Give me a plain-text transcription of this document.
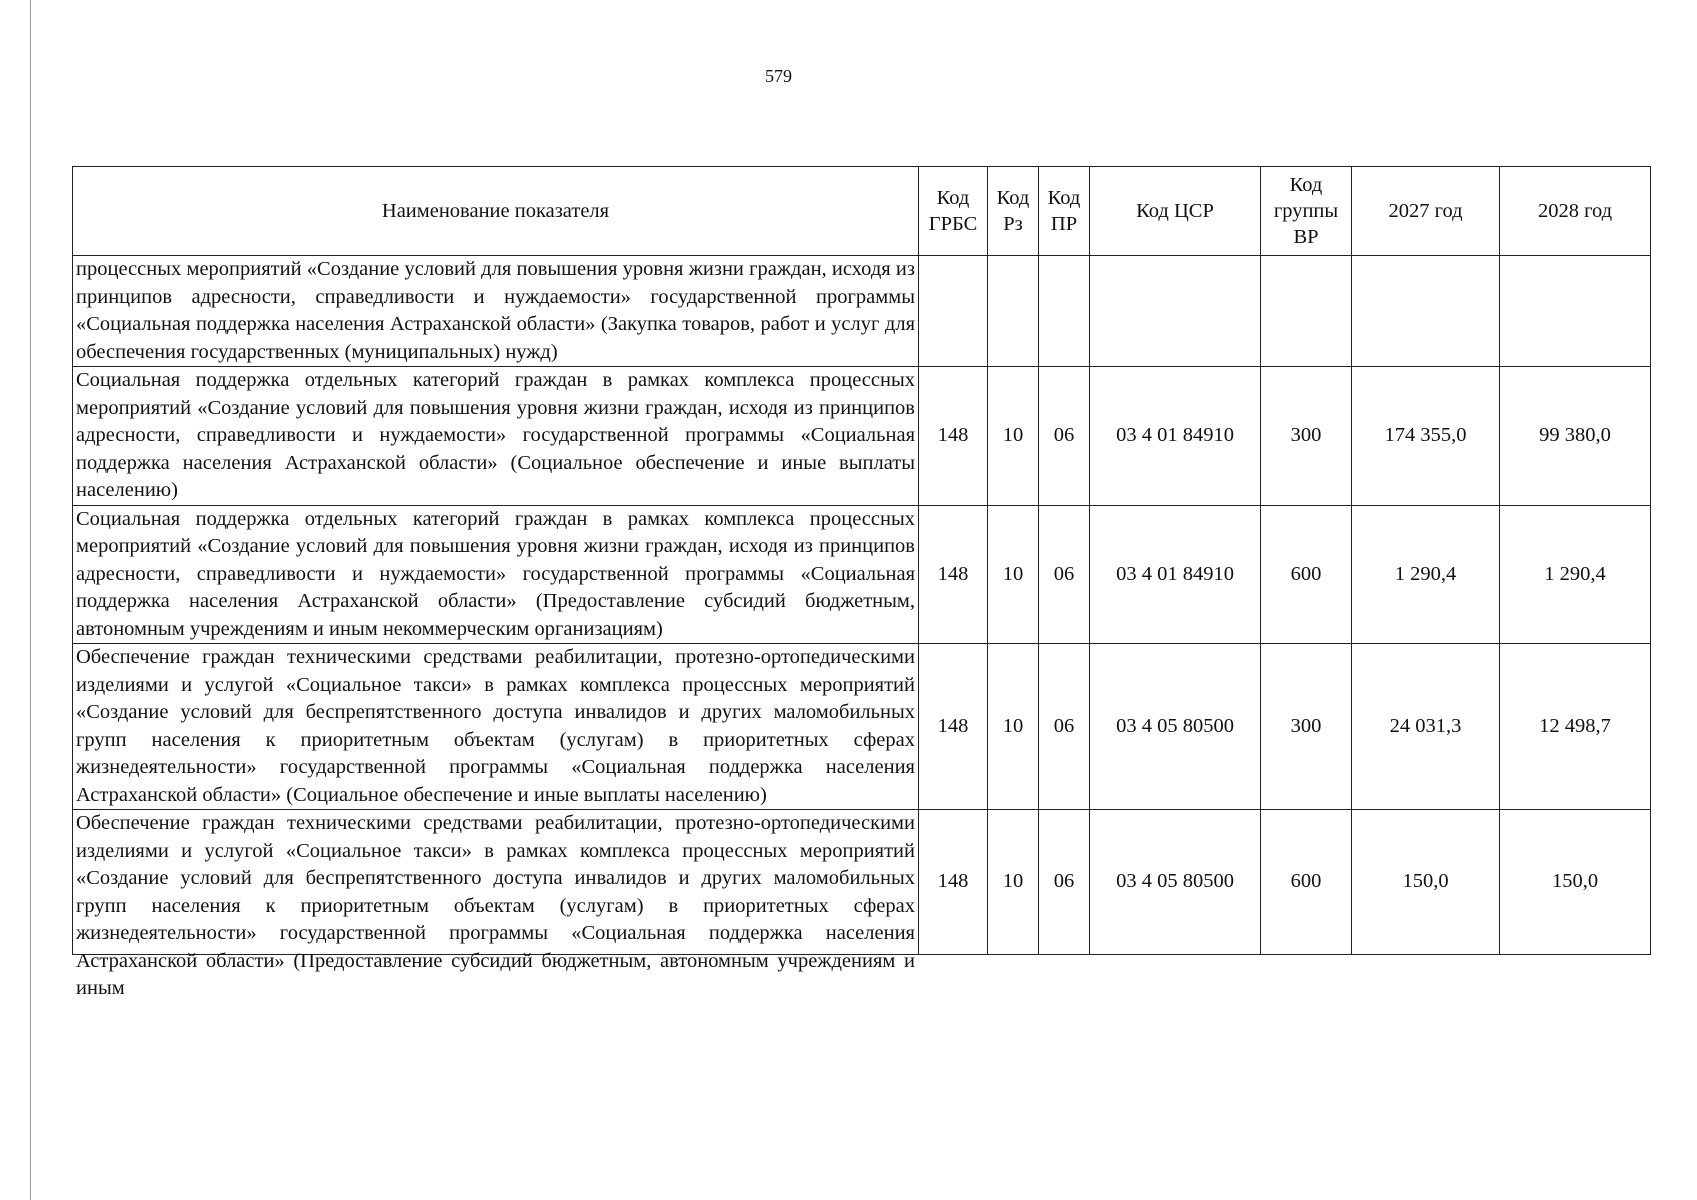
579
Наименование показателя	Код ГРБС	Код Рз	Код ПР	Код ЦСР	Код группы ВР	2027 год	2028 год
процессных мероприятий «Создание условий для повышения уровня жизни граждан, исходя из принципов адресности, справедливости и нуждаемости» государственной программы «Социальная поддержка населения Астраханской области» (Закупка товаров, работ и услуг для обеспечения государственных (муниципальных) нужд)							
Социальная поддержка отдельных категорий граждан в рамках комплекса процессных мероприятий «Создание условий для повышения уровня жизни граждан, исходя из принципов адресности, справедливости и нуждаемости» государственной программы «Социальная поддержка населения Астраханской области» (Социальное обеспечение и иные выплаты населению)	148	10	06	03 4 01 84910	300	174 355,0	99 380,0
Социальная поддержка отдельных категорий граждан в рамках комплекса процессных мероприятий «Создание условий для повышения уровня жизни граждан, исходя из принципов адресности, справедливости и нуждаемости» государственной программы «Социальная поддержка населения Астраханской области» (Предоставление субсидий бюджетным, автономным учреждениям и иным некоммерческим организациям)	148	10	06	03 4 01 84910	600	1 290,4	1 290,4
Обеспечение граждан техническими средствами реабилитации, протезно-ортопедическими изделиями и услугой «Социальное такси» в рамках комплекса процессных мероприятий «Создание условий для беспрепятственного доступа инвалидов и других маломобильных групп населения к приоритетным объектам (услугам) в приоритетных сферах жизнедеятельности» государственной программы «Социальная поддержка населения Астраханской области» (Социальное обеспечение и иные выплаты населению)	148	10	06	03 4 05 80500	300	24 031,3	12 498,7

Обеспечение граждан техническими средствами реабилитации, протезно-ортопедическими изделиями и услугой «Социальное такси» в рамках комплекса процессных мероприятий «Создание условий для беспрепятственного доступа инвалидов и других маломобильных групп населения к приоритетным объектам (услугам) в приоритетных сферах жизнедеятельности» государственной программы «Социальная поддержка населения Астраханской области» (Предоставление субсидий бюджетным, автономным учреждениям и иным	148	10	06	03 4 05 80500	600	150,0	150,0
